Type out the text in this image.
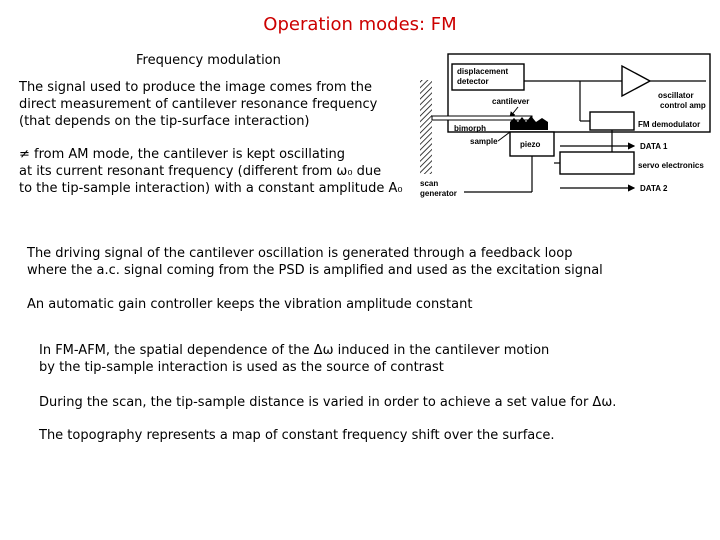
Operation modes: FM
Frequency modulation
The signal used to produce the image comes from the
direct measurement of cantilever resonance frequency
(that depends on the tip-surface interaction)
≠ from AM mode, the cantilever is kept oscillating
at its current resonant frequency (different from ω₀ due
to the tip-sample interaction) with a constant amplitude A₀
The driving signal of the cantilever oscillation is generated through a feedback loop
where the a.c. signal coming from the PSD is amplified and used as the excitation signal
An automatic gain controller keeps the vibration amplitude constant
In FM-AFM, the spatial dependence of the Δω induced in the cantilever motion
by the tip-sample interaction is used as the source of contrast
During the scan, the tip-sample distance is varied in order to achieve a set value for Δω.
The topography represents a map of constant frequency shift over the surface.
displacement
detector
oscillator
control amp
cantilever
bimorph
sample	piezo
FM demodulator
DATA 1
servo electronics
DATA 2
scan
generator
